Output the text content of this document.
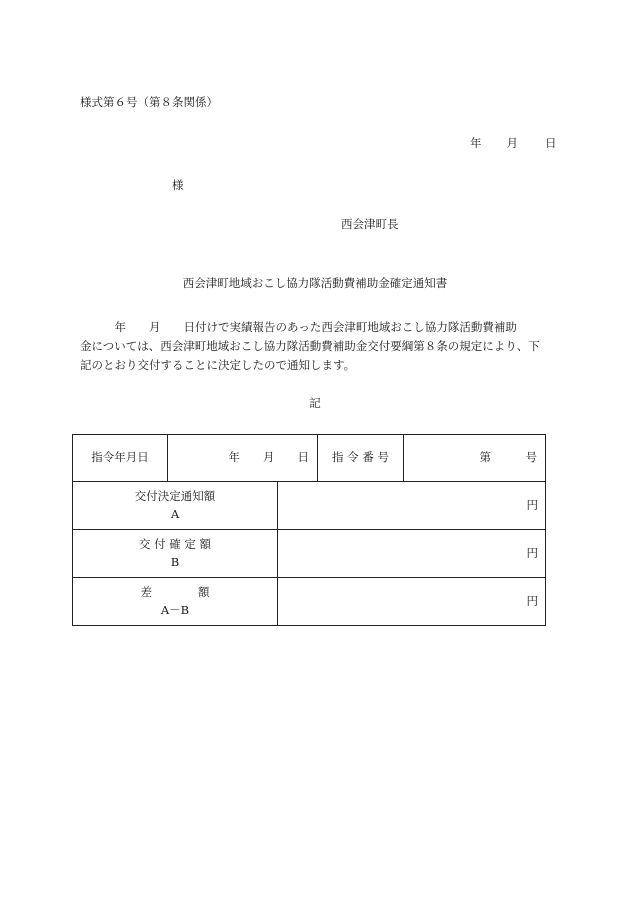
様式第６号（第８条関係）
年 月 日
様
西会津町長
西会津町地域おこし協力隊活動費補助金確定通知書
　　　年　　月　　日付けで実績報告のあった西会津町地域おこし協力隊活動費補助
金については、西会津町地域おこし協力隊活動費補助金交付要綱第８条の規定により、下
記のとおり交付することに決定したので通知します。
記
指令年月日	年　　月　　日		指 令 番 号	第　　　号

交付決定通知額
A		円		

交 付 確 定 額
B		円		

差　　　　額
A－B		円		
